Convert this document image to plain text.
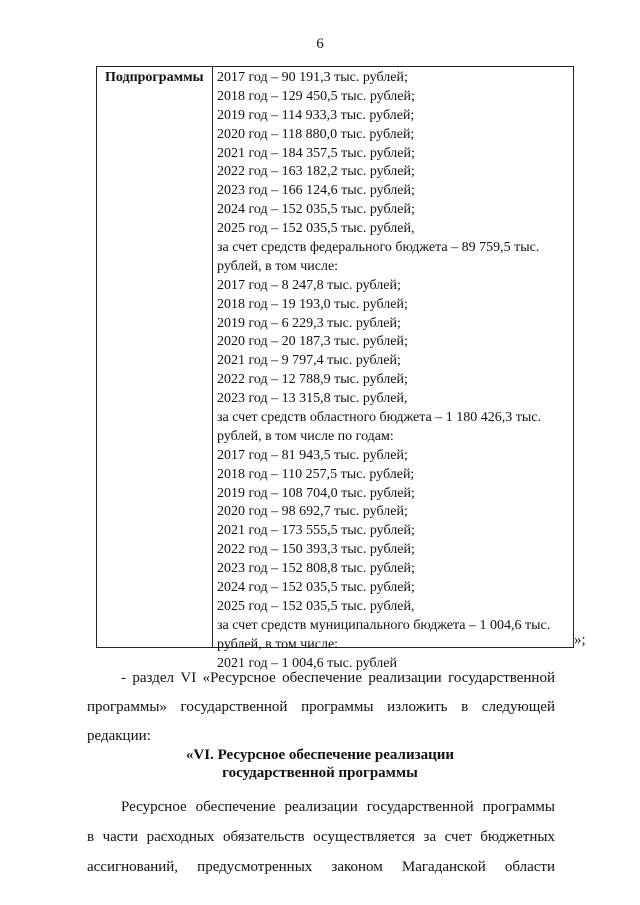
6
Подпрограммы 2017 год – 90 191,3 тыс. рублей;
2018 год – 129 450,5 тыс. рублей;
2019 год – 114 933,3 тыс. рублей;
2020 год – 118 880,0 тыс. рублей;
2021 год – 184 357,5 тыс. рублей;
2022 год – 163 182,2 тыс. рублей;
2023 год – 166 124,6 тыс. рублей;
2024 год – 152 035,5 тыс. рублей;
2025 год – 152 035,5 тыс. рублей,
за счет средств федерального бюджета – 89 759,5 тыс.
рублей, в том числе:
2017 год – 8 247,8 тыс. рублей;
2018 год – 19 193,0 тыс. рублей;
2019 год – 6 229,3 тыс. рублей;
2020 год – 20 187,3 тыс. рублей;
2021 год – 9 797,4 тыс. рублей;
2022 год – 12 788,9 тыс. рублей;
2023 год – 13 315,8 тыс. рублей,
за счет средств областного бюджета – 1 180 426,3 тыс.
рублей, в том числе по годам:
2017 год – 81 943,5 тыс. рублей;
2018 год – 110 257,5 тыс. рублей;
2019 год – 108 704,0 тыс. рублей;
2020 год – 98 692,7 тыс. рублей;
2021 год – 173 555,5 тыс. рублей;
2022 год – 150 393,3 тыс. рублей;
2023 год – 152 808,8 тыс. рублей;
2024 год – 152 035,5 тыс. рублей;
2025 год – 152 035,5 тыс. рублей,
за счет средств муниципального бюджета – 1 004,6 тыс.
рублей, в том числе:
2021 год – 1 004,6 тыс. рублей
»;
- раздел VI «Ресурсное обеспечение реализации государственной
программы» государственной программы изложить в следующей
редакции:
«VI. Ресурсное обеспечение реализации
государственной программы
Ресурсное обеспечение реализации государственной программы
в части расходных обязательств осуществляется за счет бюджетных
ассигнований, предусмотренных законом Магаданской области
